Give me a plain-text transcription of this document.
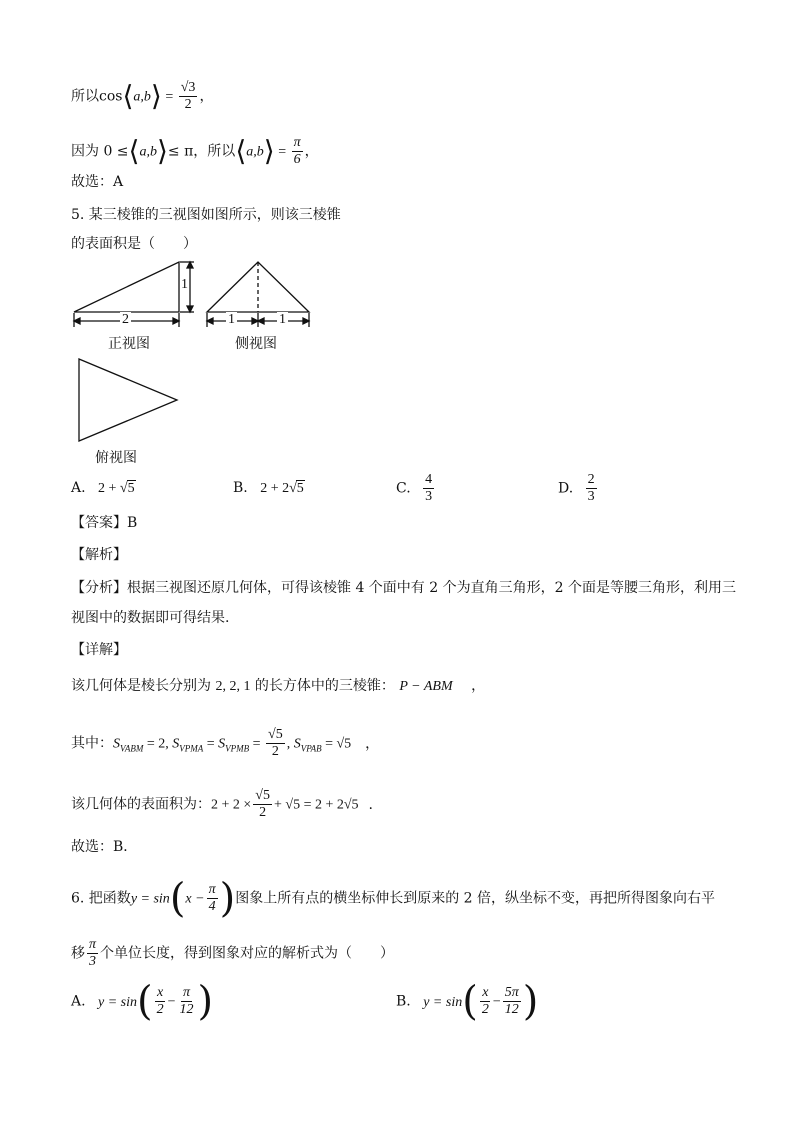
所以cos⟨a,b⟩ = $\frac{√3}{2}$ ，
因为 0 ≤⟨a,b⟩≤ π，所以⟨a,b⟩ = $\frac{\pi}{6}$ ，
故选：A
5. 某三棱锥的三视图如图所示，则该三棱锥
的表面积是（　　）
1
2
正视图
1	1
侧视图
俯视图
A. 2 + √5	B. 2 + 2√5	C. $\frac{4}{3}$	D. $\frac{2}{3}$
【答案】B
【解析】
【分析】根据三视图还原几何体，可得该棱锥 4 个面中有 2 个为直角三角形，2 个面是等腰三角形，利用三
视图中的数据即可得结果.
【详解】
该几何体是棱长分别为 2, 2, 1 的长方体中的三棱锥： P − ABM ，
其中：$S_{VABM} = 2$, $S_{VPMA} = S_{VPMB} = \frac{√5}{2}$ , $S_{VPAB} = √5$ ，
该几何体的表面积为：$2 + 2 \times \frac{√5}{2} + √5 = 2 + 2√5$ .
故选：B．
6. 把函数$y = \sin(x - \frac{\pi}{4}$ )图象上所有点的横坐标伸长到原来的 2 倍，纵坐标不变，再把所得图象向右平
移 $\frac{\pi}{3}$ 个单位长度，得到图象对应的解析式为（　　）
A. $y = \sin( \frac{x}{2} - \frac{\pi}{12}$ )	B. $y = \sin( \frac{x}{2} - \frac{5\pi}{12}$ )
